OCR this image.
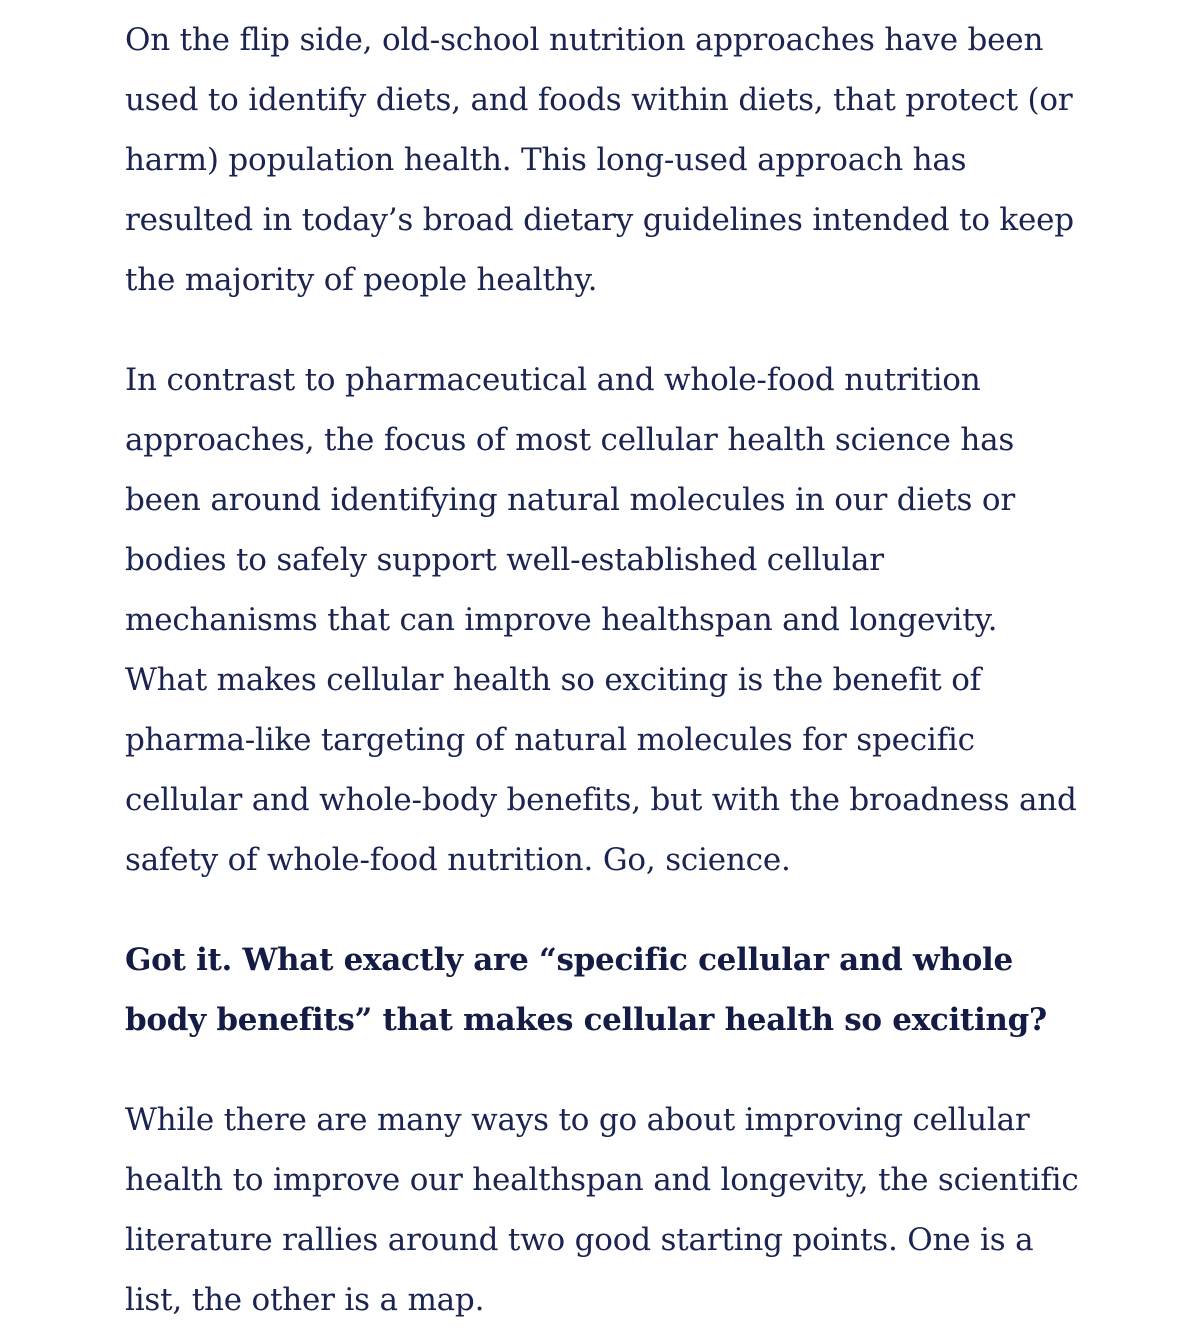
On the flip side, old-school nutrition approaches have been used to identify diets, and foods within diets, that protect (or harm) population health. This long-used approach has resulted in today’s broad dietary guidelines intended to keep the majority of people healthy.

In contrast to pharmaceutical and whole-food nutrition approaches, the focus of most cellular health science has been around identifying natural molecules in our diets or bodies to safely support well-established cellular mechanisms that can improve healthspan and longevity. What makes cellular health so exciting is the benefit of pharma-like targeting of natural molecules for specific cellular and whole-body benefits, but with the broadness and safety of whole-food nutrition. Go, science.

Got it. What exactly are “specific cellular and whole body benefits” that makes cellular health so exciting?

While there are many ways to go about improving cellular health to improve our healthspan and longevity, the scientific literature rallies around two good starting points. One is a list, the other is a map.
